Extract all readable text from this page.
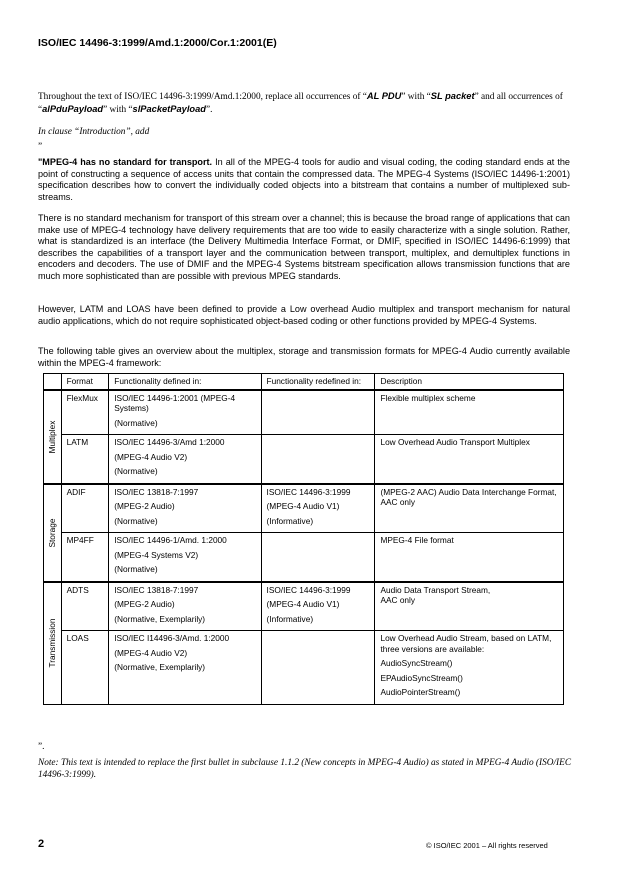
ISO/IEC 14496-3:1999/Amd.1:2000/Cor.1:2001(E)
Throughout the text of ISO/IEC 14496-3:1999/Amd.1:2000, replace all occurrences of “AL PDU” with “SL packet” and all occurrences of “alPduPayload” with “slPacketPayload”.
In clause “Introduction”, add
”
"MPEG-4 has no standard for transport. In all of the MPEG-4 tools for audio and visual coding, the coding standard ends at the point of constructing a sequence of access units that contain the compressed data. The MPEG-4 Systems (ISO/IEC 14496-1:2001) specification describes how to convert the individually coded objects into a bitstream that contains a number of multiplexed sub-streams.
There is no standard mechanism for transport of this stream over a channel; this is because the broad range of applications that can make use of MPEG-4 technology have delivery requirements that are too wide to easily characterize with a single solution. Rather, what is standardized is an interface (the Delivery Multimedia Interface Format, or DMIF, specified in ISO/IEC 14496-6:1999) that describes the capabilities of a transport layer and the communication between transport, multiplex, and demultiplex functions in encoders and decoders. The use of DMIF and the MPEG-4 Systems bitstream specification allows transmission functions that are much more sophisticated than are possible with previous MPEG standards.
However, LATM and LOAS have been defined to provide a Low overhead Audio multiplex and transport mechanism for natural audio applications, which do not require sophisticated object-based coding or other functions provided by MPEG-4 Systems.
The following table gives an overview about the multiplex, storage and transmission formats for MPEG-4 Audio currently available within the MPEG-4 framework:
	Format	Functionality defined in:	Functionality redefined in:	Description

Multiplex	FlexMux	ISO/IEC 14496-1:2001 (MPEG-4 Systems)
(Normative)		Flexible multiplex scheme

	LATM	ISO/IEC 14496-3/Amd 1:2000
(MPEG-4 Audio V2)
(Normative)		Low Overhead Audio Transport Multiplex

Storage	ADIF	ISO/IEC 13818-7:1997
(MPEG-2 Audio)
(Normative)	ISO/IEC 14496-3:1999
(MPEG-4 Audio V1)
(Informative)	(MPEG-2 AAC) Audio Data Interchange Format,
AAC only

	MP4FF	ISO/IEC 14496-1/Amd. 1:2000
(MPEG-4 Systems V2)
(Normative)		MPEG-4 File format

Transmission	ADTS	ISO/IEC 13818-7:1997
(MPEG-2 Audio)
(Normative, Exemplarily)	ISO/IEC 14496-3:1999
(MPEG-4 Audio V1)
(Informative)	Audio Data Transport Stream,
AAC only

	LOAS	ISO/IEC I14496-3/Amd. 1:2000
(MPEG-4 Audio V2)
(Normative, Exemplarily)		Low Overhead Audio Stream, based on LATM, three versions are available:
AudioSyncStream()
EPAudioSyncStream()
AudioPointerStream()
”.
Note: This text is intended to replace the first bullet in subclause 1.1.2 (New concepts in MPEG-4 Audio) as stated in MPEG-4 Audio (ISO/IEC 14496-3:1999).
2	© ISO/IEC 2001 – All rights reserved
